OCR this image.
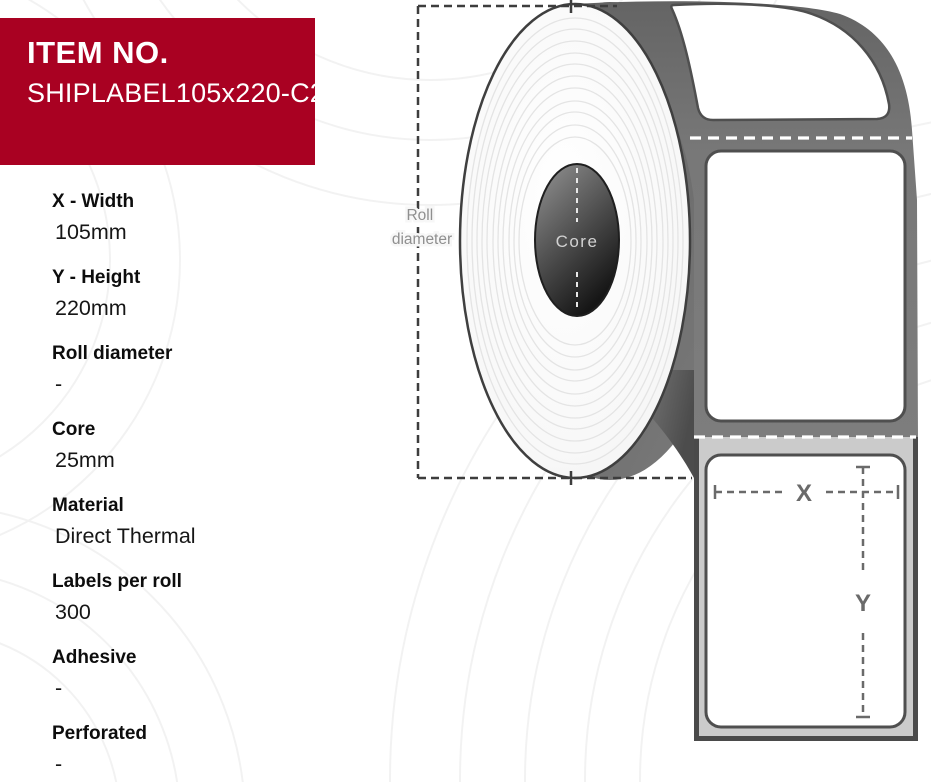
ITEM NO.
SHIPLABEL105x220-C25
X - Width
105mm
Y - Height
220mm
Roll diameter
-
Core
25mm
Material
Direct Thermal
Labels per roll
300
Adhesive
-
Perforated
-
Core
Roll diameter
X
Y
